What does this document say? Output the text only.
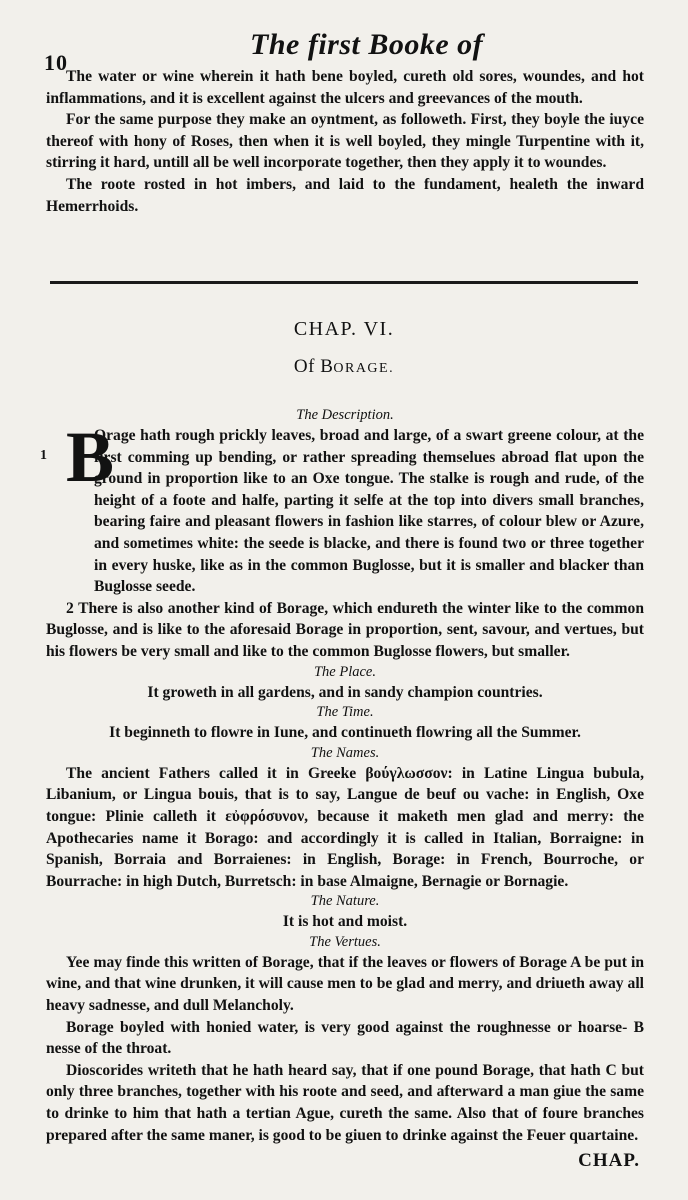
10
The first Booke of

The water or wine wherein it hath bene boyled, cureth old sores, woundes, and hot inflammations, and it is excellent against the ulcers and greevances of the mouth.

For the same purpose they make an oyntment, as followeth. First, they boyle the iuyce thereof with hony of Roses, then when it is well boyled, they mingle Turpentine with it, stirring it hard, untill all be well incorporate together, then they apply it to woundes.

The roote rosted in hot imbers, and laid to the fundament, healeth the inward Hemerrhoids.

CHAP. VI.
Of BORAGE.
The Description.
1 B

Orage hath rough prickly leaves, broad and large, of a swart greene colour, at the first comming up bending, or rather spreading themselues abroad flat upon the ground in proportion like to an Oxe tongue. The stalke is rough and rude, of the height of a foote and halfe, parting it selfe at the top into divers small branches, bearing faire and pleasant flowers in fashion like starres, of colour blew or Azure, and sometimes white: the seede is blacke, and there is found two or three together in every huske, like as in the common Buglosse, but it is smaller and blacker than Buglosse seede.

2 There is also another kind of Borage, which endureth the winter like to the common Buglosse, and is like to the aforesaid Borage in proportion, sent, savour, and vertues, but his flowers be very small and like to the common Buglosse flowers, but smaller.

The Place.

It groweth in all gardens, and in sandy champion countries.

The Time.

It beginneth to flowre in Iune, and continueth flowring all the Summer.

The Names.

The ancient Fathers called it in Greeke βούγλωσσον: in Latine Lingua bubula, Libanium, or Lingua bouis, that is to say, Langue de beuf ou vache: in English, Oxe tongue: Plinie calleth it εὐφρόσυνον, because it maketh men glad and merry: the Apothecaries name it Borago: and accordingly it is called in Italian, Borraigne: in Spanish, Borraia and Borraienes: in English, Borage: in French, Bourroche, or Bourrache: in high Dutch, Burretsch: in base Almaigne, Bernagie or Bornagie.

The Nature.

It is hot and moist.

The Vertues.

Yee may finde this written of Borage, that if the leaves or flowers of Borage A be put in wine, and that wine drunken, it will cause men to be glad and merry, and driueth away all heavy sadnesse, and dull Melancholy.

Borage boyled with honied water, is very good against the roughnesse or hoarse- B nesse of the throat.

Dioscorides writeth that he hath heard say, that if one pound Borage, that hath C but only three branches, together with his roote and seed, and afterward a man giue the same to drinke to him that hath a tertian Ague, cureth the same. Also that of foure branches prepared after the same maner, is good to be giuen to drinke against the Feuer quartaine.

CHAP.
